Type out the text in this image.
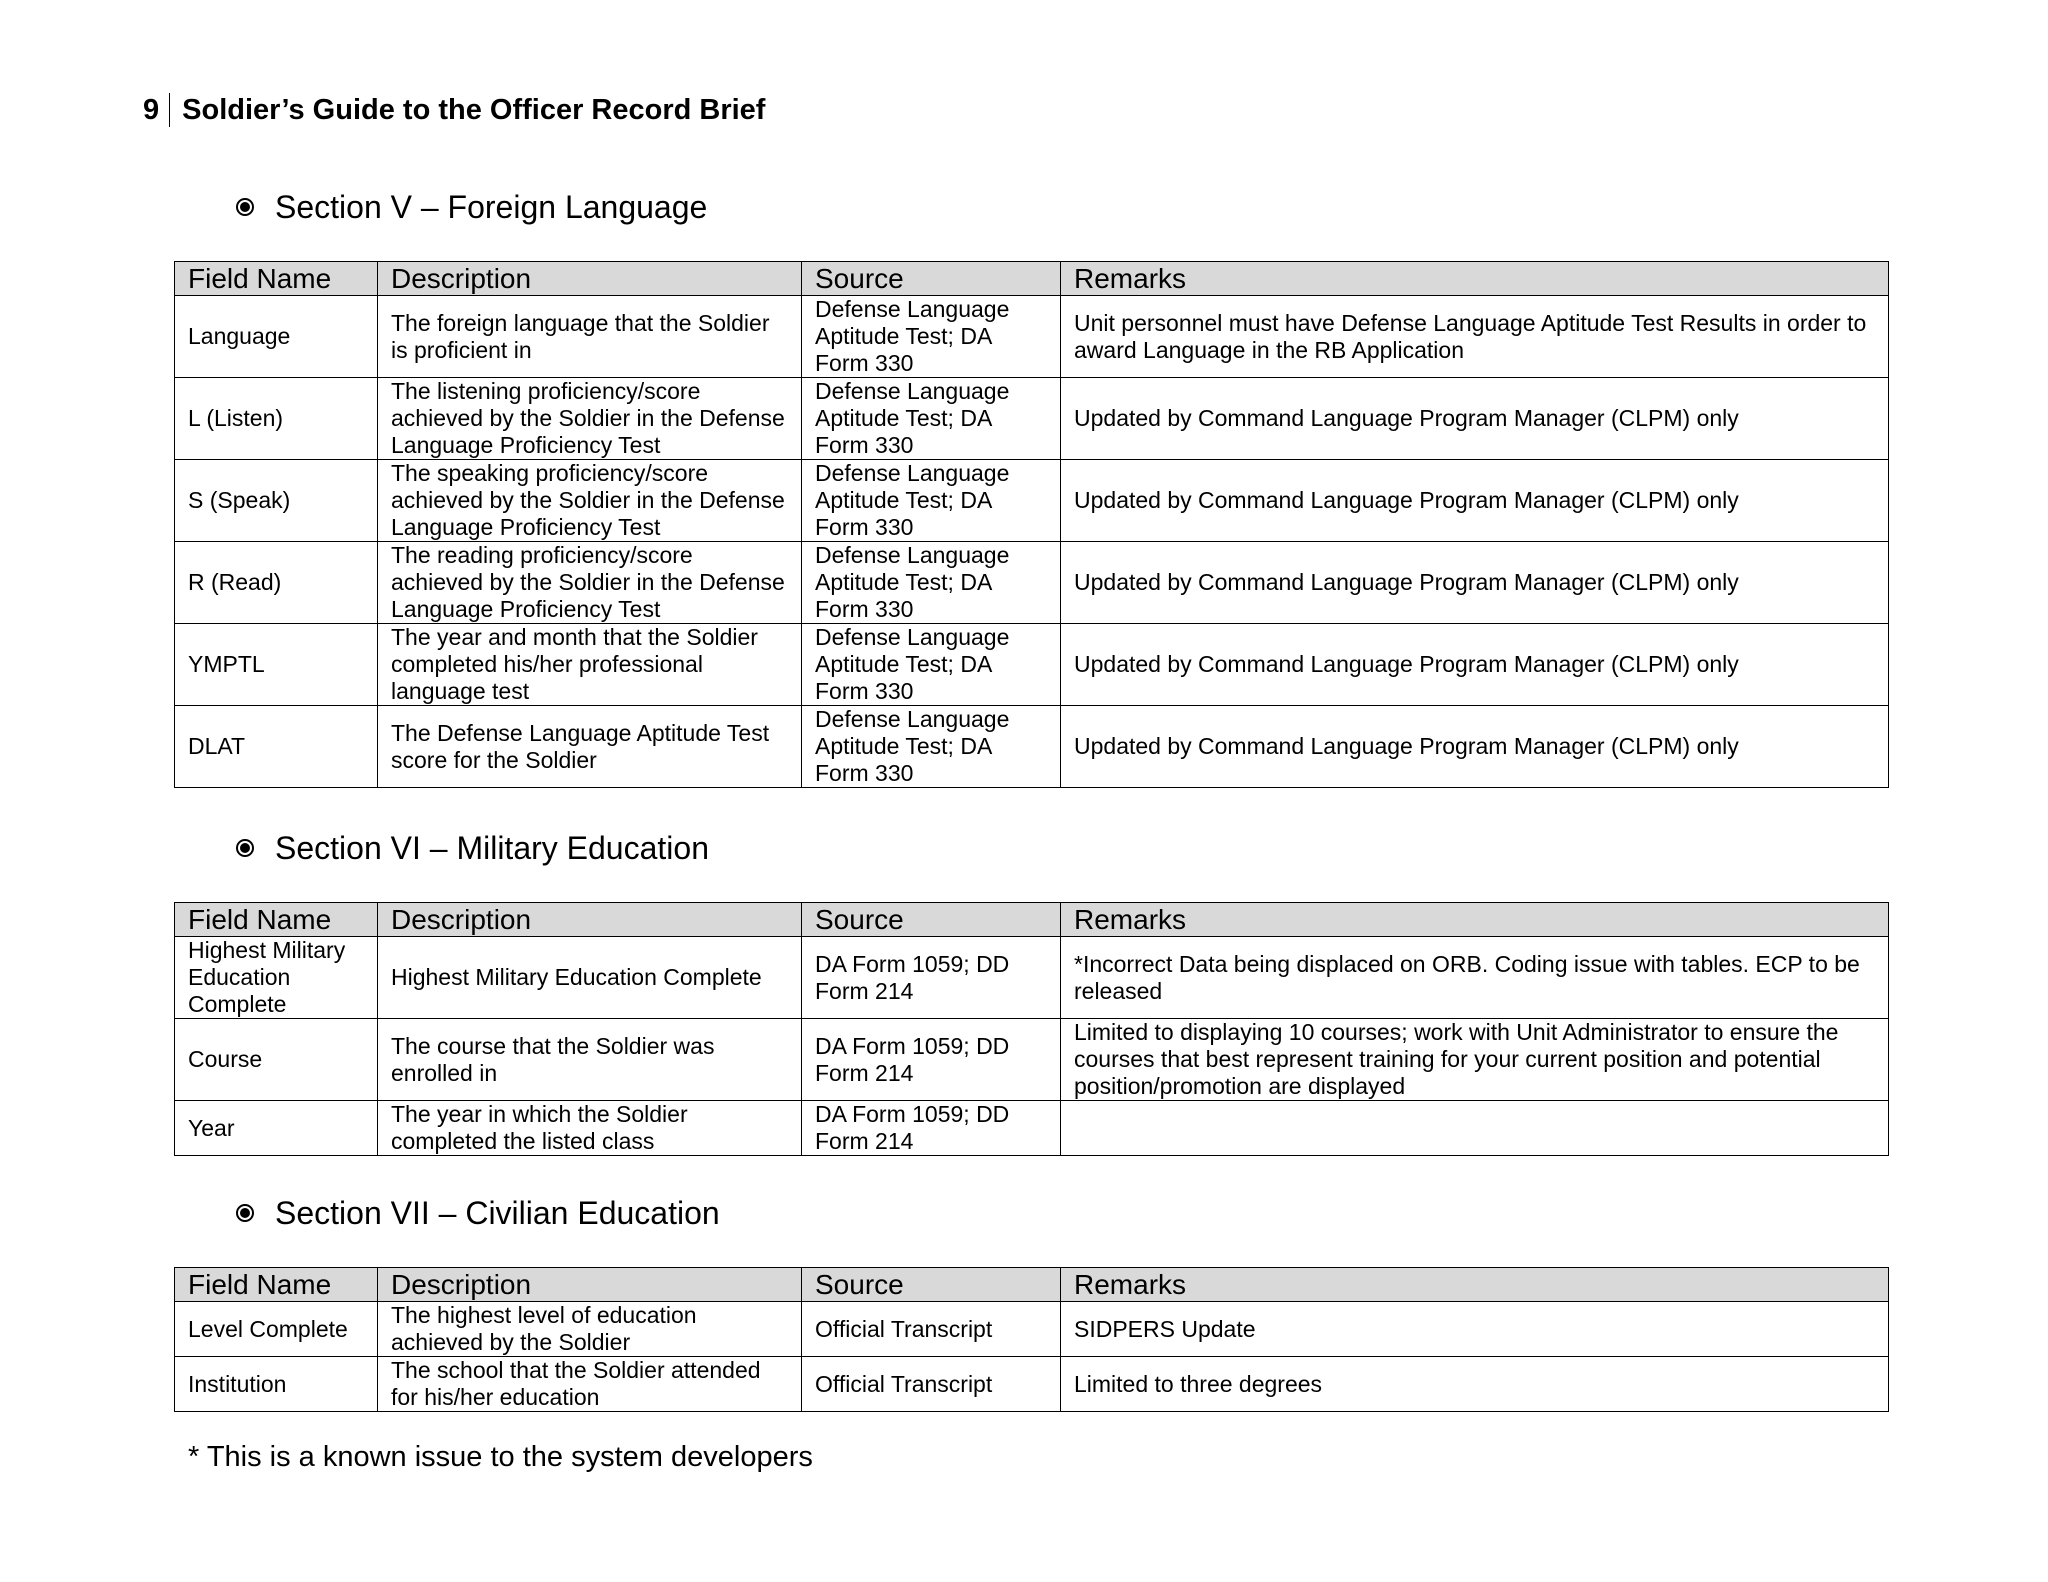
9 Soldier’s Guide to the Officer Record Brief
Section V – Foreign Language
Field Name	Description	Source	Remarks
Language	The foreign language that the Soldier is proficient in	Defense Language Aptitude Test; DA Form 330	Unit personnel must have Defense Language Aptitude Test Results in order to award Language in the RB Application
L (Listen)	The listening proficiency/score achieved by the Soldier in the Defense Language Proficiency Test	Defense Language Aptitude Test; DA Form 330	Updated by Command Language Program Manager (CLPM) only
S (Speak)	The speaking proficiency/score achieved by the Soldier in the Defense Language Proficiency Test	Defense Language Aptitude Test; DA Form 330	Updated by Command Language Program Manager (CLPM) only
R (Read)	The reading proficiency/score achieved by the Soldier in the Defense Language Proficiency Test	Defense Language Aptitude Test; DA Form 330	Updated by Command Language Program Manager (CLPM) only
YMPTL	The year and month that the Soldier completed his/her professional language test	Defense Language Aptitude Test; DA Form 330	Updated by Command Language Program Manager (CLPM) only
DLAT	The Defense Language Aptitude Test score for the Soldier	Defense Language Aptitude Test; DA Form 330	Updated by Command Language Program Manager (CLPM) only
Section VI – Military Education
Field Name	Description	Source	Remarks
Highest Military Education Complete	Highest Military Education Complete	DA Form 1059; DD Form 214	*Incorrect Data being displaced on ORB. Coding issue with tables. ECP to be released
Course	The course that the Soldier was enrolled in	DA Form 1059; DD Form 214	Limited to displaying 10 courses; work with Unit Administrator to ensure the courses that best represent training for your current position and potential position/promotion are displayed
Year	The year in which the Soldier completed the listed class	DA Form 1059; DD Form 214	
Section VII – Civilian Education
Field Name	Description	Source	Remarks
Level Complete	The highest level of education achieved by the Soldier	Official Transcript	SIDPERS Update
Institution	The school that the Soldier attended for his/her education	Official Transcript	Limited to three degrees
* This is a known issue to the system developers
